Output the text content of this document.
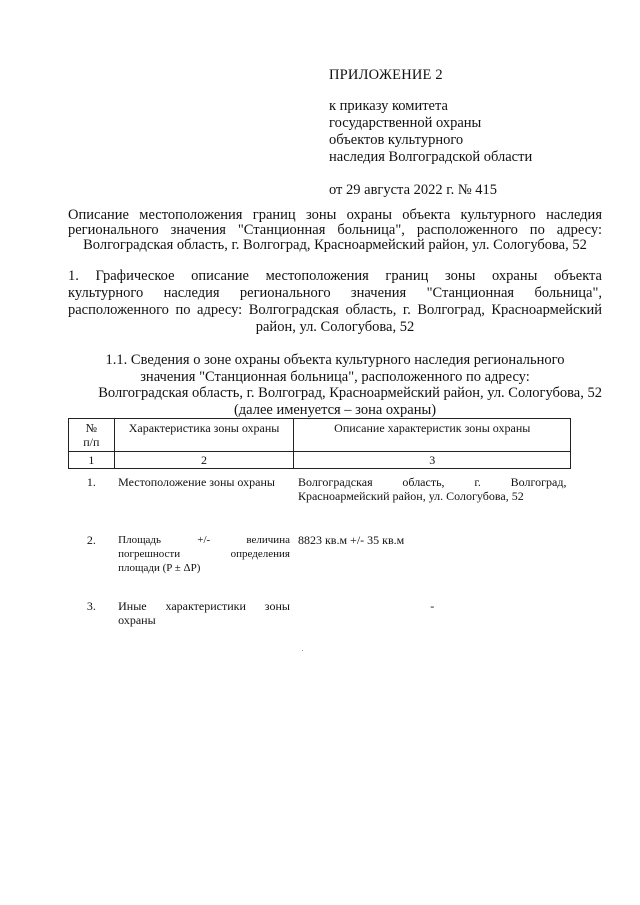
ПРИЛОЖЕНИЕ 2
к приказу комитета
государственной охраны
объектов культурного
наследия Волгоградской области
от 29 августа 2022 г. № 415
Описание местоположения границ зоны охраны объекта культурного наследия
регионального значения "Станционная больница", расположенного по адресу:
Волгоградская область, г. Волгоград, Красноармейский район, ул. Сологубова, 52
1. Графическое описание местоположения границ зоны охраны объекта
культурного наследия регионального значения "Станционная больница",
расположенного по адресу: Волгоградская область, г. Волгоград, Красноармейский
район, ул. Сологубова, 52
1.1. Сведения о зоне охраны объекта культурного наследия регионального
значения "Станционная больница", расположенного по адресу:
Волгоградская область, г. Волгоград, Красноармейский район, ул. Сологубова, 52
(далее именуется – зона охраны)
№
п/п	Характеристика зоны охраны	Описание характеристик зоны охраны
1	2	3
1.	Местоположение зоны охраны	Волгоградская область, г. Волгоград,
Красноармейский район, ул. Сологубова, 52
2.	Площадь +/- величина
погрешности определения
площади (P ± ΔP)	8823 кв.м +/- 35 кв.м
3.	Иные характеристики зоны
охраны	-
